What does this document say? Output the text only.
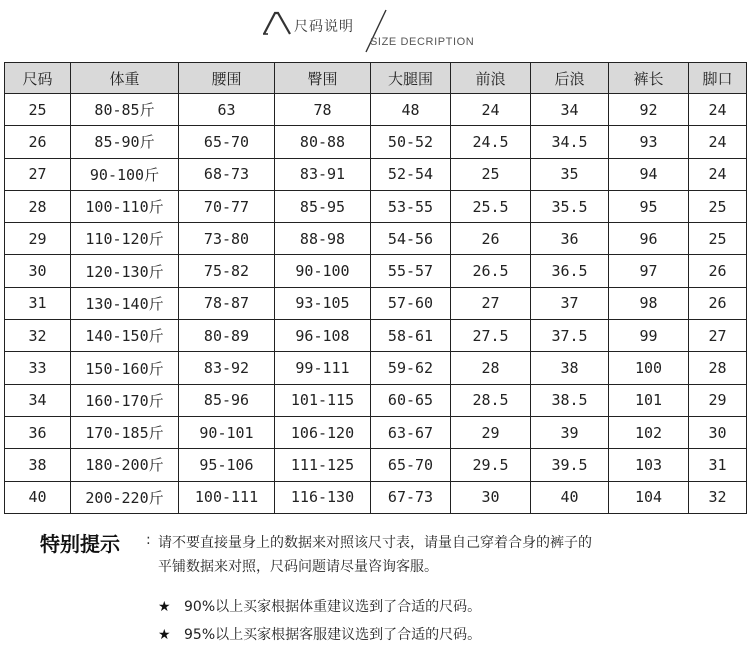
尺码说明
SIZE DECRIPTION
尺码	体重	腰围	臀围	大腿围	前浪	后浪	裤长	脚口
25	80-85斤	63	78	48	24	34	92	24
26	85-90斤	65-70	80-88	50-52	24.5	34.5	93	24
27	90-100斤	68-73	83-91	52-54	25	35	94	24
28	100-110斤	70-77	85-95	53-55	25.5	35.5	95	25
29	110-120斤	73-80	88-98	54-56	26	36	96	25
30	120-130斤	75-82	90-100	55-57	26.5	36.5	97	26
31	130-140斤	78-87	93-105	57-60	27	37	98	26
32	140-150斤	80-89	96-108	58-61	27.5	37.5	99	27
33	150-160斤	83-92	99-111	59-62	28	38	100	28
34	160-170斤	85-96	101-115	60-65	28.5	38.5	101	29
36	170-185斤	90-101	106-120	63-67	29	39	102	30
38	180-200斤	95-106	111-125	65-70	29.5	39.5	103	31
40	200-220斤	100-111	116-130	67-73	30	40	104	32
特别提示 : 请不要直接量身上的数据来对照该尺寸表，请量自己穿着合身的裤子的
平铺数据来对照，尺码问题请尽量咨询客服。
★ 90%以上买家根据体重建议选到了合适的尺码。
★ 95%以上买家根据客服建议选到了合适的尺码。
